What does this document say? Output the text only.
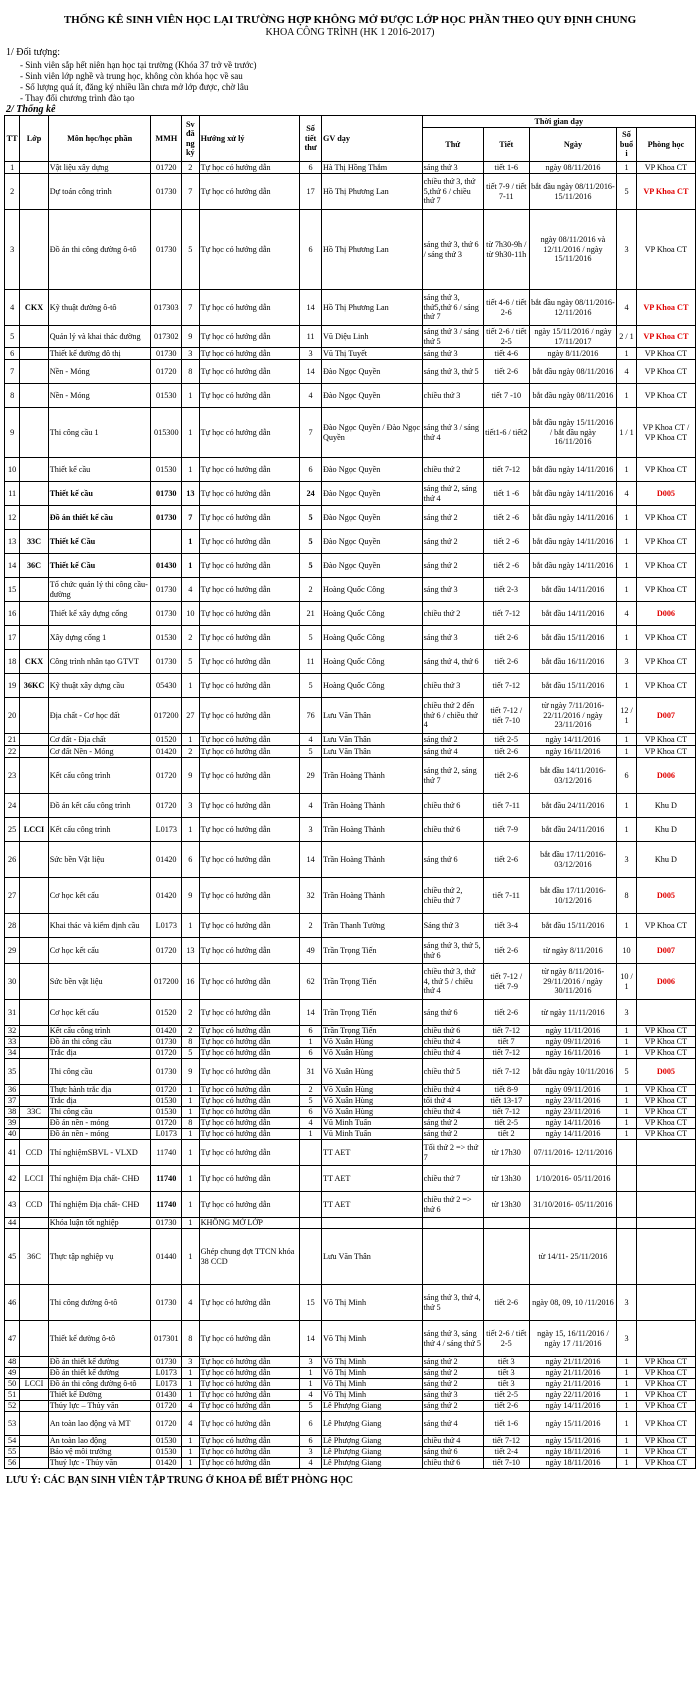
THỐNG KÊ SINH VIÊN HỌC LẠI TRƯỜNG HỢP KHÔNG MỞ ĐƯỢC LỚP HỌC PHẦN THEO QUY ĐỊNH CHUNG
KHOA CÔNG TRÌNH (HK 1 2016-2017)
1/ Đối tượng:
- Sinh viên sắp hết niên hạn học tại trường (Khóa 37 trở về trước)
- Sinh viên lớp nghề và trung học, không còn khóa học về sau
- Số lượng quá ít, đăng ký nhiều lần chưa mở lớp được, chờ lâu
- Thay đổi chương trình đào tạo
2/ Thống kê
TT	Lớp	Môn học/học phần	MMH	Sv đă ng ký	Hướng xử lý	Số tiết thư	GV dạy	Thời gian dạy				
								Thứ	Tiết	Ngày	Số buổ i	Phòng học
1		Vật liệu xây dựng	01720	2	Tự học có hướng dẫn	6	Hà Thị Hồng Thắm	sáng thứ 3	tiết 1-6	ngày 08/11/2016	1	VP Khoa CT
2		Dự toán công trình	01730	7	Tự học có hướng dẫn	17	Hồ Thị Phương Lan	chiều thứ 3, thứ 5,thứ 6 / chiều thứ 7	tiết 7-9 / tiết 7-11	bắt đầu ngày 08/11/2016- 15/11/2016	5	VP Khoa CT
3		Đồ án thi công đường ô-tô	01730	5	Tự học có hướng dẫn	6	Hồ Thị Phương Lan	sáng thứ 3, thứ 6 / sáng thứ 3	từ 7h30-9h / từ 9h30-11h	ngày 08/11/2016 và 12/11/2016 / ngày 15/11/2016	3	VP Khoa CT
4	CKX	Kỹ thuật đường ô-tô	017303	7	Tự học có hướng dẫn	14	Hồ Thị Phương Lan	sáng thứ 3, thứ5,thứ 6 / sáng thứ 7	tiết 4-6 / tiết 2-6	bắt đầu ngày 08/11/2016- 12/11/2016	4	VP Khoa CT
5		Quản lý và khai thác đường	017302	9	Tự học có hướng dẫn	11	Vũ Diệu Linh	sáng thứ 3 / sáng thứ 5	tiết 2-6 / tiết 2-5	ngày 15/11/2016 / ngày 17/11/2017	2 / 1	VP Khoa CT
6		Thiết kế đường đô thị	01730	3	Tự học có hướng dẫn	3	Vũ Thị Tuyết	sáng thứ 3	tiết 4-6	ngày 8/11/2016	1	VP Khoa CT
7		Nền - Móng	01720	8	Tự học có hướng dẫn	14	Đào Ngọc Quyền	sáng thứ 3, thứ 5	tiết 2-6	bắt đầu ngày 08/11/2016	4	VP Khoa CT
8		Nền - Móng	01530	1	Tự học có hướng dẫn	4	Đào Ngọc Quyền	chiều thứ 3	tiết 7 -10	bắt đầu ngày 08/11/2016	1	VP Khoa CT
9		Thi công cầu 1	015300	1	Tự học có hướng dẫn	7	Đào Ngọc Quyền / Đào Ngọc Quyền	sáng thứ 3 / sáng thứ 4	tiết1-6 / tiết2	bắt đầu ngày 15/11/2016 / bắt đầu ngày 16/11/2016	1 / 1	VP Khoa CT / VP Khoa CT
10		Thiết kế cầu	01530	1	Tự học có hướng dẫn	6	Đào Ngọc Quyền	chiều thứ 2	tiết 7-12	bắt đầu ngày 14/11/2016	1	VP Khoa CT
11		Thiết kế cầu	01730	13	Tự học có hướng dẫn	24	Đào Ngọc Quyền	sáng thứ 2, sáng thứ 4	tiết 1 -6	bắt đầu ngày 14/11/2016	4	D005
12		Đồ án thiết kế cầu	01730	7	Tự học có hướng dẫn	5	Đào Ngọc Quyền	sáng thứ 2	tiết 2 -6	bắt đầu ngày 14/11/2016	1	VP Khoa CT
13	33C	Thiết kế Cầu		1	Tự học có hướng dẫn	5	Đào Ngọc Quyền	sáng thứ 2	tiết 2 -6	bắt đầu ngày 14/11/2016	1	VP Khoa CT
14	36C	Thiết kế Cầu	01430	1	Tự học có hướng dẫn	5	Đào Ngọc Quyền	sáng thứ 2	tiết 2 -6	bắt đầu ngày 14/11/2016	1	VP Khoa CT
15		Tổ chức quản lý thi công cầu-đường	01730	4	Tự học có hướng dẫn	2	Hoàng Quốc Công	sáng thứ 3	tiết 2-3	bắt đầu 14/11/2016	1	VP Khoa CT
16		Thiết kế xây dựng cống	01730	10	Tự học có hướng dẫn	21	Hoàng Quốc Công	chiều thứ 2	tiết 7-12	bắt đầu 14/11/2016	4	D006
17		Xây dựng cống 1	01530	2	Tự học có hướng dẫn	5	Hoàng Quốc Công	sáng thứ 3	tiết 2-6	bắt đầu 15/11/2016	1	VP Khoa CT
18	CKX	Công trình nhân tạo GTVT	01730	5	Tự học có hướng dẫn	11	Hoàng Quốc Công	sáng thứ 4, thứ 6	tiết 2-6	bắt đầu 16/11/2016	3	VP Khoa CT
19	36KC	Kỹ thuật xây dựng cầu	05430	1	Tự học có hướng dẫn	5	Hoàng Quốc Công	chiều thứ 3	tiết 7-12	bắt đầu 15/11/2016	1	VP Khoa CT
20		Địa chất - Cơ học đất	017200	27	Tự học có hướng dẫn	76	Lưu Văn Thân	chiều thứ 2 đến thứ 6 / chiều thứ 4	tiết 7-12 / tiết 7-10	từ ngày 7/11/2016-22/11/2016 / ngày 23/11/2016	12 / 1	D007
21		Cơ đất - Địa chất	01520	1	Tự học có hướng dẫn	4	Lưu Văn Thân	sáng thứ 2	tiết 2-5	ngày 14/11/2016	1	VP Khoa CT
22		Cơ đất Nền - Móng	01420	2	Tự học có hướng dẫn	5	Lưu Văn Thân	sáng thứ 4	tiết 2-6	ngày 16/11/2016	1	VP Khoa CT
23		Kết cấu công trình	01720	9	Tự học có hướng dẫn	29	Trần Hoàng Thành	sáng thứ 2, sáng thứ 7	tiết 2-6	bắt đầu 14/11/2016- 03/12/2016	6	D006
24		Đồ án kết cấu công trình	01720	3	Tự học có hướng dẫn	4	Trần Hoàng Thành	chiều thứ 6	tiết 7-11	bắt đầu 24/11/2016	1	Khu D
25	LCCI	Kết cấu công trình	L0173	1	Tự học có hướng dẫn	3	Trần Hoàng Thành	chiều thứ 6	tiết 7-9	bắt đầu 24/11/2016	1	Khu D
26		Sức bền Vật liệu	01420	6	Tự học có hướng dẫn	14	Trần Hoàng Thành	sáng thứ 6	tiết 2-6	bắt đầu 17/11/2016- 03/12/2016	3	Khu D
27		Cơ học kết cấu	01420	9	Tự học có hướng dẫn	32	Trần Hoàng Thành	chiều thứ 2, chiều thứ 7	tiết 7-11	bắt đầu 17/11/2016- 10/12/2016	8	D005
28		Khai thác và kiểm định cầu	L0173	1	Tự học có hướng dẫn	2	Trần Thanh Tường	Sáng thứ 3	tiết 3-4	bắt đầu 15/11/2016	1	VP Khoa CT
29		Cơ học kết cấu	01720	13	Tự học có hướng dẫn	49	Trần Trọng Tiến	sáng thứ 3, thứ 5, thứ 6	tiết 2-6	từ ngày 8/11/2016	10	D007
30		Sức bền vật liệu	017200	16	Tự học có hướng dẫn	62	Trần Trọng Tiến	chiều thứ 3, thứ 4, thứ 5 / chiều thứ 4	tiết 7-12 / tiết 7-9	từ ngày 8/11/2016- 29/11/2016 / ngày 30/11/2016	10 / 1	D006
31		Cơ học kết cấu	01520	2	Tự học có hướng dẫn	14	Trần Trọng Tiến	sáng thứ 6	tiết 2-6	từ ngày 11/11/2016	3	
32		Kết cấu công trình	01420	2	Tự học có hướng dẫn	6	Trần Trọng Tiến	chiều thứ 6	tiết 7-12	ngày 11/11/2016	1	VP Khoa CT
33		Đồ án thi công cầu	01730	8	Tự học có hướng dẫn	1	Võ Xuân Hùng	chiều thứ 4	tiết 7	ngày 09/11/2016	1	VP Khoa CT
34		Trắc địa	01720	5	Tự học có hướng dẫn	6	Võ Xuân Hùng	chiều thứ 4	tiết 7-12	ngày 16/11/2016	1	VP Khoa CT
35		Thi công cầu	01730	9	Tự học có hướng dẫn	31	Võ Xuân Hùng	chiều thứ 5	tiết 7-12	bắt đầu ngày 10/11/2016	5	D005
36		Thực hành trắc địa	01720	1	Tự học có hướng dẫn	2	Võ Xuân Hùng	chiều thứ 4	tiết 8-9	ngày 09/11/2016	1	VP Khoa CT
37		Trắc địa	01530	1	Tự học có hướng dẫn	5	Võ Xuân Hùng	tối thứ 4	tiết 13-17	ngày 23/11/2016	1	VP Khoa CT
38	33C	Thi công cầu	01530	1	Tự học có hướng dẫn	6	Võ Xuân Hùng	chiều thứ 4	tiết 7-12	ngày 23/11/2016	1	VP Khoa CT
39		Đồ án nền - móng	01720	8	Tự học có hướng dẫn	4	Vũ Minh Tuấn	sáng thứ 2	tiết 2-5	ngày 14/11/2016	1	VP Khoa CT
40		Đồ án nền - móng	L0173	1	Tự học có hướng dẫn	1	Vũ Minh Tuấn	sáng thứ 2	tiết 2	ngày 14/11/2016	1	VP Khoa CT
41	CCD	Thí nghiệmSBVL - VLXD	11740	1	Tự học có hướng dẫn		TT AET	Tối thứ 2 => thứ 7	từ 17h30	07/11/2016- 12/11/2016		
42	LCCI	Thí nghiệm Địa chất- CHĐ	11740	1	Tự học có hướng dẫn		TT AET	chiều thứ 7	từ 13h30	1/10/2016- 05/11/2016		
43	CCD	Thí nghiệm Địa chất- CHĐ	11740	1	Tự học có hướng dẫn		TT AET	chiều thứ 2 => thứ 6	từ 13h30	31/10/2016- 05/11/2016		
44		Khóa luận tốt nghiệp	01730	1	KHÔNG MỞ LỚP							
45	36C	Thực tập nghiệp vụ	01440	1	Ghép chung đợt TTCN khóa 38 CCD		Lưu Văn Thân			từ 14/11- 25/11/2016		
46		Thi công đường ô-tô	01730	4	Tự học có hướng dẫn	15	Võ Thị Minh	sáng thứ 3, thứ 4, thứ 5	tiết 2-6	ngày 08, 09, 10 /11/2016	3	
47		Thiết kế đường ô-tô	017301	8	Tự học có hướng dẫn	14	Võ Thị Minh	sáng thứ 3, sáng thứ 4 / sáng thứ 5	tiết 2-6 / tiết 2-5	ngày 15, 16/11/2016 / ngày 17 /11/2016	3	
48		Đồ án thiết kế đường	01730	3	Tự học có hướng dẫn	3	Võ Thị Minh	sáng thứ 2	tiết 3	ngày 21/11/2016	1	VP Khoa CT
49		Đồ án thiết kế đường	L0173	1	Tự học có hướng dẫn	1	Võ Thị Minh	sáng thứ 2	tiết 3	ngày 21/11/2016	1	VP Khoa CT
50	LCCI	Đồ án thi công đường ô-tô	L0173	1	Tự học có hướng dẫn	1	Võ Thị Minh	sáng thứ 2	tiết 3	ngày 21/11/2016	1	VP Khoa CT
51		Thiết kế Đường	01430	1	Tự học có hướng dẫn	4	Võ Thị Minh	sáng thứ 3	tiết 2-5	ngày 22/11/2016	1	VP Khoa CT
52		Thủy lực – Thủy văn	01720	4	Tự học có hướng dẫn	5	Lê Phượng Giang	sáng thứ 2	tiết 2-6	ngày 14/11/2016	1	VP Khoa CT
53		An toàn lao động và MT	01720	4	Tự học có hướng dẫn	6	Lê Phượng Giang	sáng thứ 4	tiết 1-6	ngày 15/11/2016	1	VP Khoa CT
54		An toàn lao động	01530	1	Tự học có hướng dẫn	6	Lê Phượng Giang	chiều thứ 4	tiết 7-12	ngày 15/11/2016	1	VP Khoa CT
55		Bảo vệ môi trường	01530	1	Tự học có hướng dẫn	3	Lê Phượng Giang	sáng thứ 6	tiết 2-4	ngày 18/11/2016	1	VP Khoa CT
56		Thuỷ lực - Thủy văn	01420	1	Tự học có hướng dẫn	4	Lê Phượng Giang	chiều thứ 6	tiết 7-10	ngày 18/11/2016	1	VP Khoa CT
LƯU Ý: CÁC BẠN SINH VIÊN TẬP TRUNG Ở KHOA ĐỂ BIẾT PHÒNG HỌC
